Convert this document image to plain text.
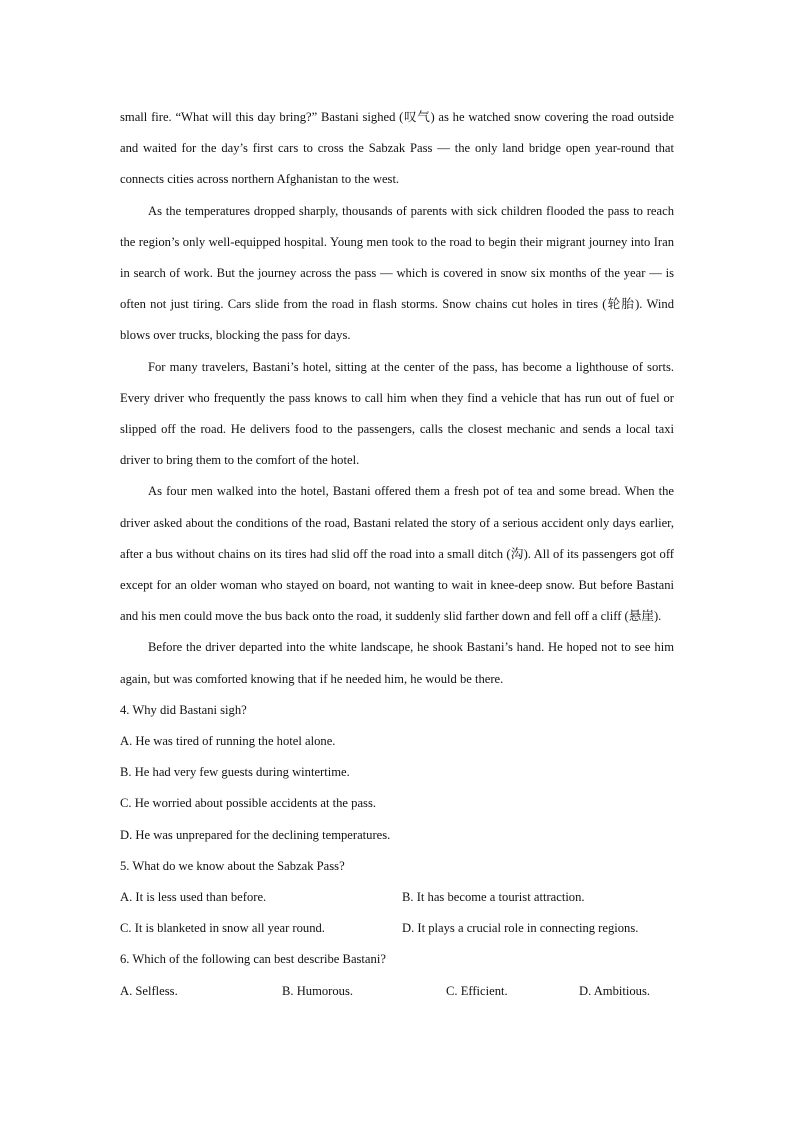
small fire. “What will this day bring?” Bastani sighed (叹气) as he watched snow covering the road outside and waited for the day’s first cars to cross the Sabzak Pass — the only land bridge open year-round that connects cities across northern Afghanistan to the west.

As the temperatures dropped sharply, thousands of parents with sick children flooded the pass to reach the region’s only well-equipped hospital. Young men took to the road to begin their migrant journey into Iran in search of work. But the journey across the pass — which is covered in snow six months of the year — is often not just tiring. Cars slide from the road in flash storms. Snow chains cut holes in tires (轮胎). Wind blows over trucks, blocking the pass for days.

For many travelers, Bastani’s hotel, sitting at the center of the pass, has become a lighthouse of sorts. Every driver who frequently the pass knows to call him when they find a vehicle that has run out of fuel or slipped off the road. He delivers food to the passengers, calls the closest mechanic and sends a local taxi driver to bring them to the comfort of the hotel.

As four men walked into the hotel, Bastani offered them a fresh pot of tea and some bread. When the driver asked about the conditions of the road, Bastani related the story of a serious accident only days earlier, after a bus without chains on its tires had slid off the road into a small ditch (沟). All of its passengers got off except for an older woman who stayed on board, not wanting to wait in knee-deep snow. But before Bastani and his men could move the bus back onto the road, it suddenly slid farther down and fell off a cliff (悬崖).

Before the driver departed into the white landscape, he shook Bastani’s hand. He hoped not to see him again, but was comforted knowing that if he needed him, he would be there.

4. Why did Bastani sigh?

A. He was tired of running the hotel alone.
B. He had very few guests during wintertime.
C. He worried about possible accidents at the pass.
D. He was unprepared for the declining temperatures.

5. What do we know about the Sabzak Pass?

A. It is less used than before.	B. It has become a tourist attraction.
C. It is blanketed in snow all year round.	D. It plays a crucial role in connecting regions.

6. Which of the following can best describe Bastani?

A. Selfless.	B. Humorous.	C. Efficient.	D. Ambitious.
